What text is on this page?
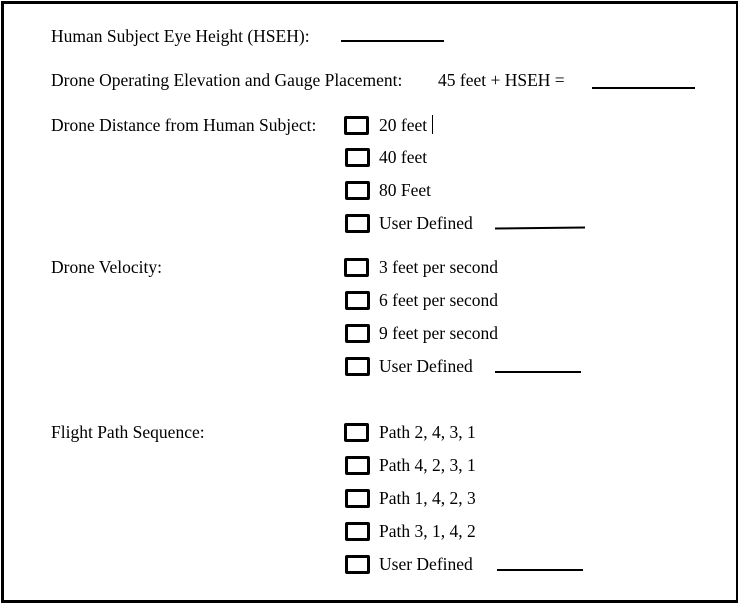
Human Subject Eye Height (HSEH):
Drone Operating Elevation and Gauge Placement: 45 feet + HSEH =
Drone Distance from Human Subject:	20 feet
40 feet
80 Feet
User Defined
Drone Velocity:	3 feet per second
6 feet per second
9 feet per second
User Defined
Flight Path Sequence:	Path 2, 4, 3, 1
Path 4, 2, 3, 1
Path 1, 4, 2, 3
Path 3, 1, 4, 2
User Defined
